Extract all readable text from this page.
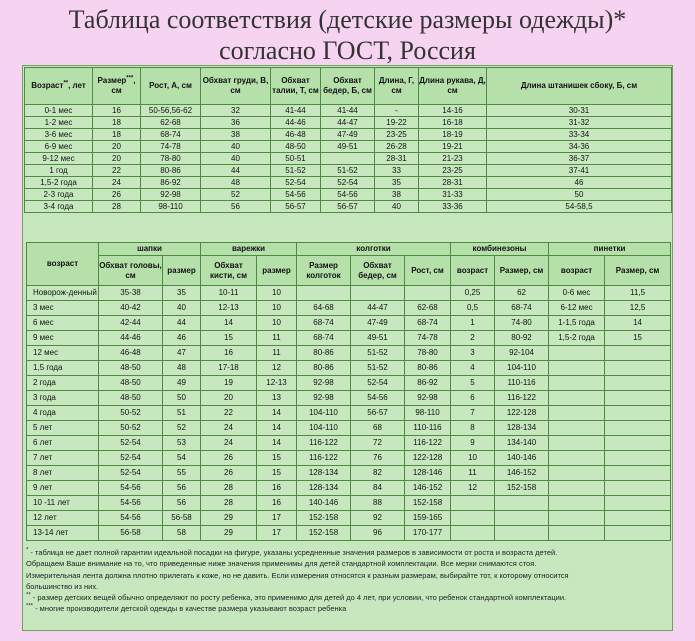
Таблица соответствия (детские размеры одежды)*
согласно ГОСТ, Россия
Возраст**, лет	Размер***, см	Рост, А, см	Обхват груди, В, см	Обхват талии, Т, см	Обхват бедер, Б, см	Длина, Г, см	Длина рукава, Д, см	Длина штанишек сбоку, Б, см
0-1 мес	16	50-56,56-62	32	41-44	41-44	-	14-16	30-31
1-2 мес	18	62-68	36	44-46	44-47	19-22	16-18	31-32
3-6 мес	18	68-74	38	46-48	47-49	23-25	18-19	33-34
6-9 мес	20	74-78	40	48-50	49-51	26-28	19-21	34-36
9-12 мес	20	78-80	40	50-51		28-31	21-23	36-37
1 год	22	80-86	44	51-52	51-52	33	23-25	37-41
1,5-2 года	24	86-92	48	52-54	52-54	35	28-31	46
2-3 года	26	92-98	52	54-56	54-56	38	31-33	50
3-4 года	28	98-110	56	56-57	56-57	40	33-36	54-58,5
возраст	шапки		варежки		колготки			комбинезоны		пинетки	
	Обхват головы, см	размер	Обхват кисти, см	размер	Размер колготок	Обхват бедер, см	Рост, см	возраст	Размер, см	возраст	Размер, см
Новорож-денный	35-38	35	10-11	10				0,25	62	0-6 мес	11,5
3 мес	40-42	40	12-13	10	64-68	44-47	62-68	0,5	68-74	6-12 мес	12,5
6 мес	42-44	44	14	10	68-74	47-49	68-74	1	74-80	1-1,5 года	14
9 мес	44-46	46	15	11	68-74	49-51	74-78	2	80-92	1,5-2 года	15
12 мес	46-48	47	16	11	80-86	51-52	78-80	3	92-104		
1,5 года	48-50	48	17-18	12	80-86	51-52	80-86	4	104-110		
2 года	48-50	49	19	12-13	92-98	52-54	86-92	5	110-116		
3 года	48-50	50	20	13	92-98	54-56	92-98	6	116-122		
4 года	50-52	51	22	14	104-110	56-57	98-110	7	122-128		
5 лет	50-52	52	24	14	104-110	68	110-116	8	128-134		
6 лет	52-54	53	24	14	116-122	72	116-122	9	134-140		
7 лет	52-54	54	26	15	116-122	76	122-128	10	140-146		
8 лет	52-54	55	26	15	128-134	82	128-146	11	146-152		
9 лет	54-56	56	28	16	128-134	84	146-152	12	152-158		
10 -11 лет	54-56	56	28	16	140-146	88	152-158				
12 лет	54-56	56-58	29	17	152-158	92	159-165				
13-14 лет	56-58	58	29	17	152-158	96	170-177				

* - таблица не дает полной гарантии идеальной посадки на фигуре, указаны усредненные значения размеров в зависимости от роста и возраста детей.

Обращаем Ваше внимание на то, что приведенные ниже значения применимы для детей стандартной комплектации. Все мерки снимаются стоя.

Измерительная лента должна плотно прилегать к коже, но не давить. Если измерения относятся к разным размерам, выбирайте тот, к которому относится

большинство из них.

** - размер детских вещей обычно определяют по росту ребенка, это применимо для детей до 4 лет, при условии, что ребенок стандартной комплектации.

*** - многие производители детской одежды в качестве размера указывают возраст ребенка
